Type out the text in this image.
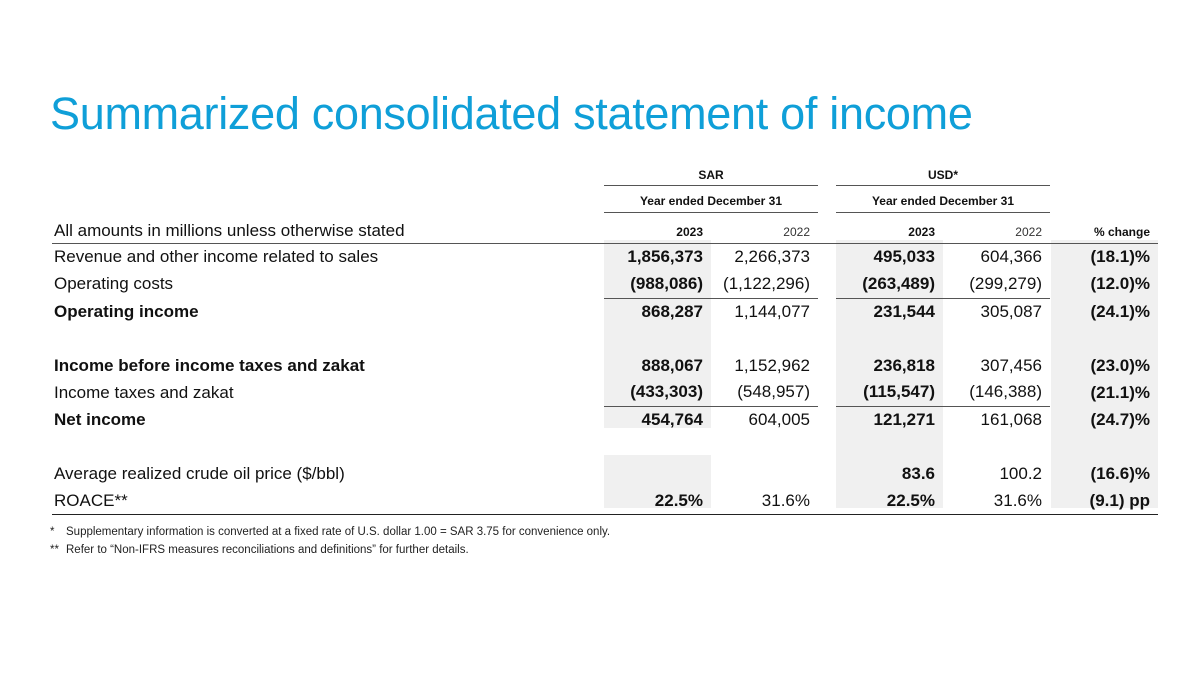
Summarized consolidated statement of income
SAR	USD*
Year ended December 31	Year ended December 31
All amounts in millions unless otherwise stated	2023	2022		2023	2022	% change
Revenue and other income related to sales	1,856,373	2,266,373		495,033	604,366	(18.1)%
Operating costs	(988,086)	(1,122,296)		(263,489)	(299,279)	(12.0)%
Operating income	868,287	1,144,077		231,544	305,087	(24.1)%

Income before income taxes and zakat	888,067	1,152,962		236,818	307,456	(23.0)%
Income taxes and zakat	(433,303)	(548,957)		(115,547)	(146,388)	(21.1)%
Net income	454,764	604,005		121,271	161,068	(24.7)%

Average realized crude oil price ($/bbl)				83.6	100.2	(16.6)%
ROACE**	22.5%	31.6%		22.5%	31.6%	(9.1) pp
* Supplementary information is converted at a fixed rate of U.S. dollar 1.00 = SAR 3.75 for convenience only.
** Refer to “Non-IFRS measures reconciliations and definitions” for further details.
